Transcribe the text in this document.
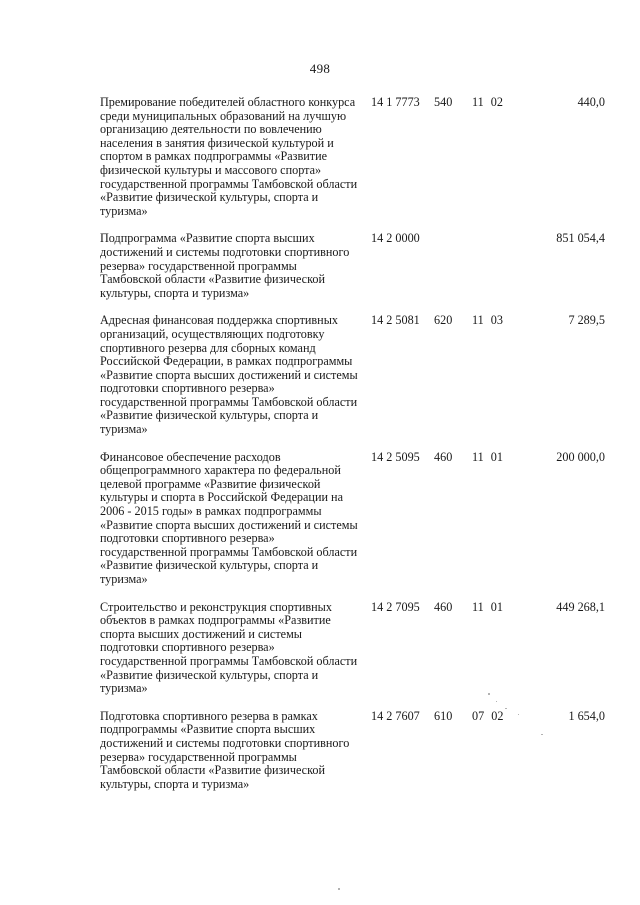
498
Премирование победителей областного конкурса среди муниципальных образований на лучшую организацию деятельности по вовлечению населения в занятия физической культурой и спортом в рамках подпрограммы «Развитие физической культуры и массового спорта» государственной программы Тамбовской области «Развитие физической культуры, спорта и туризма»
14 1 7773 540 11 02	440,0
Подпрограмма «Развитие спорта высших достижений и системы подготовки спортивного резерва» государственной программы Тамбовской области «Развитие физической культуры, спорта и туризма»
14 2 0000	851 054,4
Адресная финансовая поддержка спортивных организаций, осуществляющих подготовку спортивного резерва для сборных команд Российской Федерации, в рамках подпрограммы «Развитие спорта высших достижений и системы подготовки спортивного резерва» государственной программы Тамбовской области «Развитие физической культуры, спорта и туризма»
14 2 5081 620 11 03	7 289,5
Финансовое обеспечение расходов общепрограммного характера по федеральной целевой программе «Развитие физической культуры и спорта в Российской Федерации на 2006 - 2015 годы» в рамках подпрограммы «Развитие спорта высших достижений и системы подготовки спортивного резерва» государственной программы Тамбовской области «Развитие физической культуры, спорта и туризма»
14 2 5095 460 11 01	200 000,0
Строительство и реконструкция спортивных объектов в рамках подпрограммы «Развитие спорта высших достижений и системы подготовки спортивного резерва» государственной программы Тамбовской области «Развитие физической культуры, спорта и туризма»
14 2 7095 460 11 01	449 268,1
Подготовка спортивного резерва в рамках подпрограммы «Развитие спорта высших достижений и системы подготовки спортивного резерва» государственной программы Тамбовской области «Развитие физической культуры, спорта и туризма»
14 2 7607 610 07 02	1 654,0
